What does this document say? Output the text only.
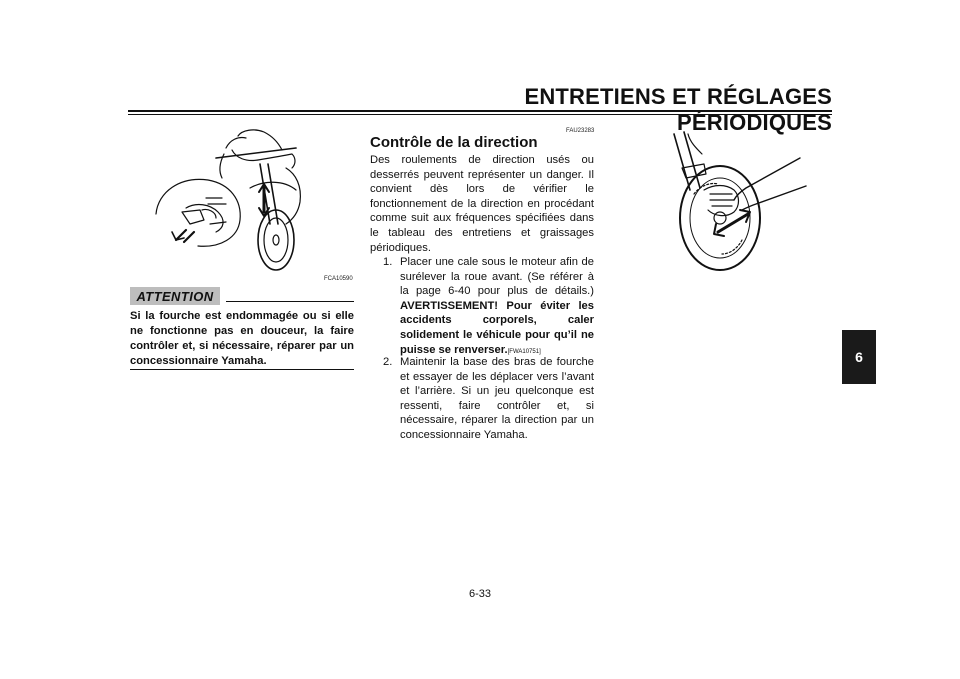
ENTRETIENS ET RÉGLAGES PÉRIODIQUES
6
FCA10590
ATTENTION
Si la fourche est endommagée ou si elle ne fonctionne pas en douceur, la faire contrôler et, si nécessaire, réparer par un concessionnaire Yamaha.
FAU23283
Contrôle de la direction
Des roulements de direction usés ou desserrés peuvent représenter un danger. Il convient dès lors de vérifier le fonctionnement de la direction en procédant comme suit aux fréquences spécifiées dans le tableau des entretiens et graissages périodiques.
1. Placer une cale sous le moteur afin de surélever la roue avant. (Se référer à la page 6-40 pour plus de détails.) AVERTISSEMENT! Pour éviter les accidents corporels, caler solidement le véhicule pour qu’il ne puisse se renverser.[FWA10751]
2. Maintenir la base des bras de fourche et essayer de les déplacer vers l’avant et l’arrière. Si un jeu quelconque est ressenti, faire contrôler et, si nécessaire, réparer la direction par un concessionnaire Yamaha.
6-33
